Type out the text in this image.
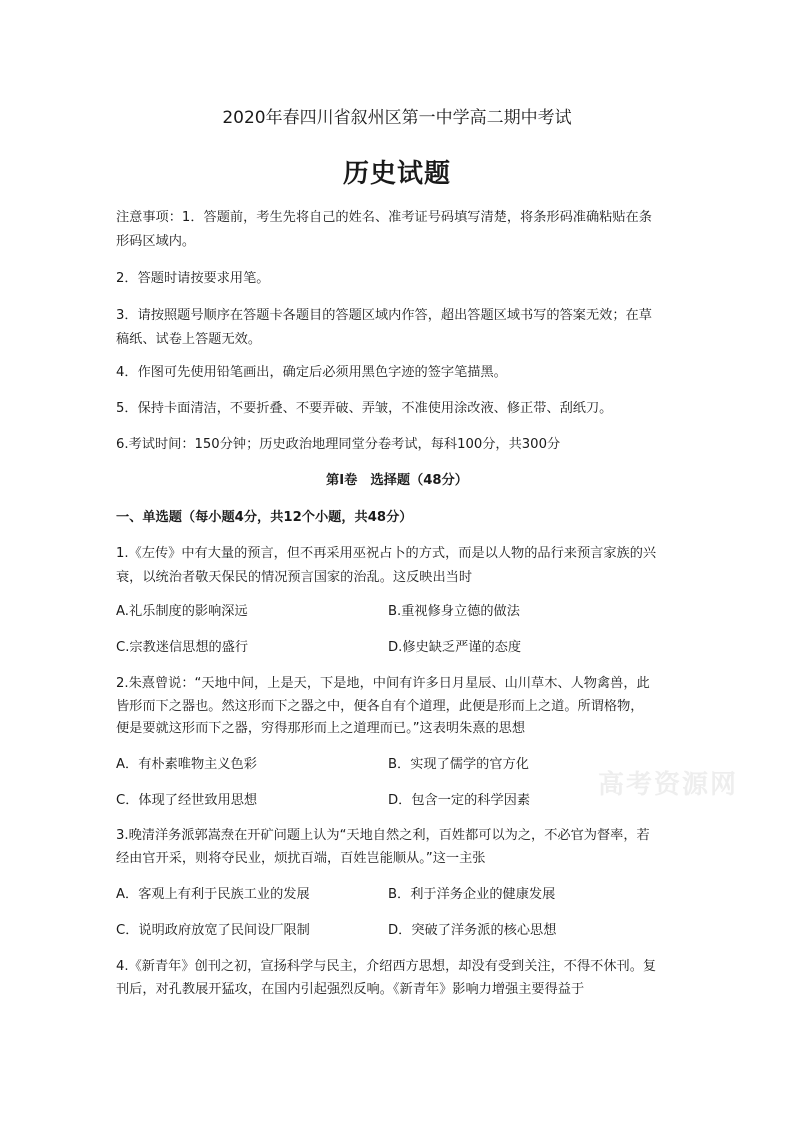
2020年春四川省叙州区第一中学高二期中考试
历史试题
注意事项：1．答题前，考生先将自己的姓名、准考证号码填写清楚，将条形码准确粘贴在条
形码区域内。
2．答题时请按要求用笔。
3．请按照题号顺序在答题卡各题目的答题区域内作答，超出答题区域书写的答案无效；在草
稿纸、试卷上答题无效。
4．作图可先使用铅笔画出，确定后必须用黑色字迹的签字笔描黑。
5．保持卡面清洁，不要折叠、不要弄破、弄皱，不准使用涂改液、修正带、刮纸刀。
6.考试时间：150分钟；历史政治地理同堂分卷考试，每科100分，共300分
第Ⅰ卷　选择题（48分）
一、单选题（每小题4分，共12个小题，共48分）
1.《左传》中有大量的预言，但不再采用巫祝占卜的方式，而是以人物的品行来预言家族的兴
衰，以统治者敬天保民的情况预言国家的治乱。这反映出当时
A.礼乐制度的影响深远	B.重视修身立德的做法
C.宗教迷信思想的盛行	D.修史缺乏严谨的态度
2.朱熹曾说：“天地中间，上是天，下是地，中间有许多日月星辰、山川草木、人物禽兽，此
皆形而下之器也。然这形而下之器之中，便各自有个道理，此便是形而上之道。所谓格物，
便是要就这形而下之器，穷得那形而上之道理而已。”这表明朱熹的思想
A．有朴素唯物主义色彩	B．实现了儒学的官方化
C．体现了经世致用思想	D．包含一定的科学因素
3.晚清洋务派郭嵩焘在开矿问题上认为“天地自然之利，百姓都可以为之，不必官为督率，若
经由官开采，则将夺民业，烦扰百端，百姓岂能顺从。”这一主张
A．客观上有利于民族工业的发展	B．利于洋务企业的健康发展
C．说明政府放宽了民间设厂限制	D．突破了洋务派的核心思想
4.《新青年》创刊之初，宣扬科学与民主，介绍西方思想，却没有受到关注，不得不休刊。复
刊后，对孔教展开猛攻，在国内引起强烈反响。《新青年》影响力增强主要得益于
高考资源网
